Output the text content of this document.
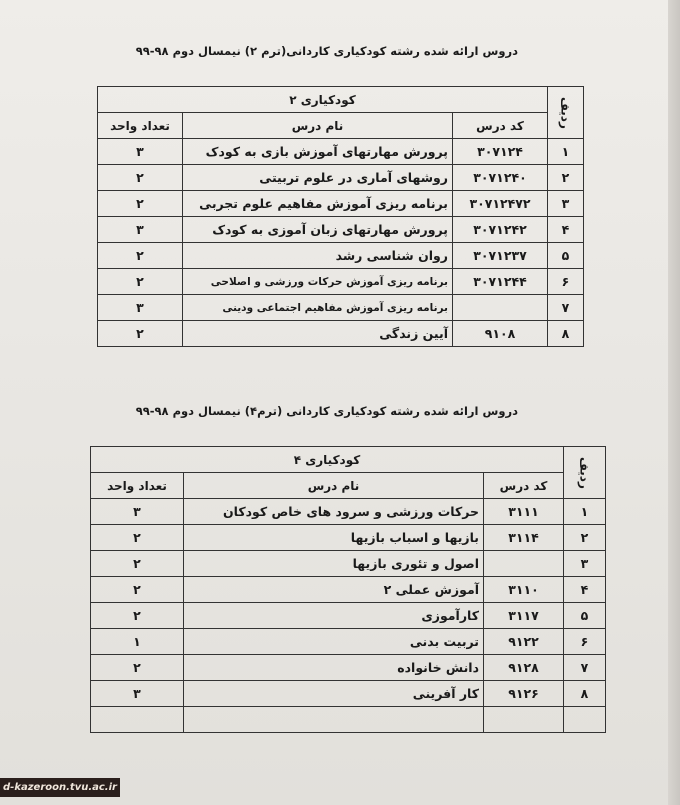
دروس ارائه شده رشته کودکیاری کاردانی(ترم ۲) نیمسال دوم ۹۸-۹۹
ردیف	کودکیاری ۲		
	کد درس	نام درس	تعداد واحد
۱	۳۰۷۱۲۴	پرورش مهارتهای آموزش بازی به کودک	۳
۲	۳۰۷۱۲۴۰	روشهای آماری در علوم تربیتی	۲
۳	۳۰۷۱۲۴۷۲	برنامه ریزی آموزش مفاهیم علوم تجربی	۲
۴	۳۰۷۱۲۴۲	پرورش مهارتهای زبان آموزی به کودک	۳
۵	۳۰۷۱۲۳۷	روان شناسی رشد	۲
۶	۳۰۷۱۲۴۴	برنامه ریزی آموزش حرکات ورزشی و اصلاحی	۲
۷		برنامه ریزی آموزش مفاهیم اجتماعی ودینی	۳
۸	۹۱۰۸	آیین زندگی	۲
دروس ارائه شده رشته کودکیاری کاردانی (ترم۴) نیمسال دوم ۹۸-۹۹
ردیف	کودکیاری ۴		
	کد درس	نام درس	تعداد واحد
۱	۳۱۱۱	حرکات ورزشی و سرود های خاص کودکان	۳
۲	۳۱۱۴	بازیها و اسباب بازیها	۲
۳		اصول و تئوری بازیها	۲
۴	۳۱۱۰	آموزش عملی ۲	۲
۵	۳۱۱۷	کارآموزی	۲
۶	۹۱۲۲	تربیت بدنی	۱
۷	۹۱۲۸	دانش خانواده	۲
۸	۹۱۲۶	کار آفرینی	۳

d-kazeroon.tvu.ac.ir
